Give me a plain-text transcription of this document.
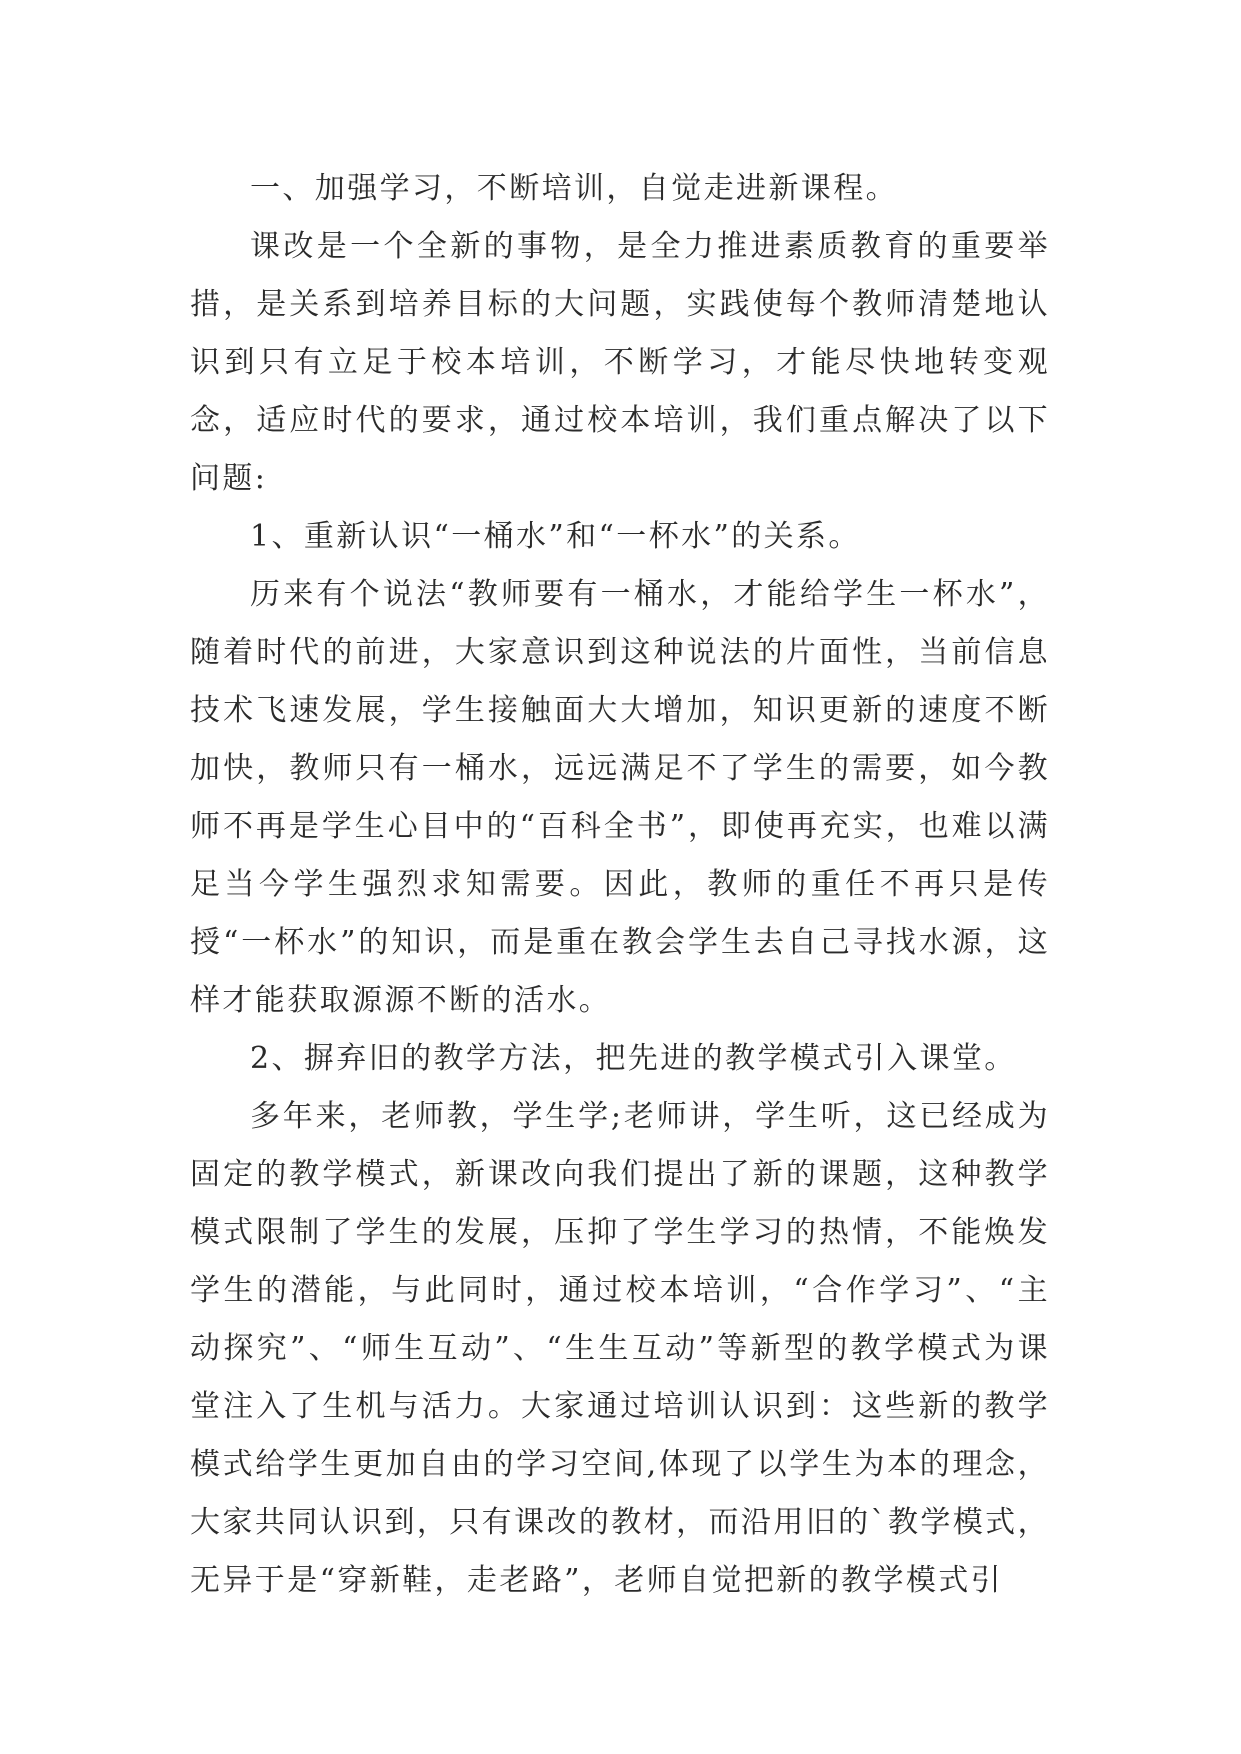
一、加强学习，不断培训，自觉走进新课程。

课改是一个全新的事物，是全力推进素质教育的重要举措，是关系到培养目标的大问题，实践使每个教师清楚地认识到只有立足于校本培训，不断学习，才能尽快地转变观念，适应时代的要求，通过校本培训，我们重点解决了以下问题:

1、重新认识“一桶水”和“一杯水”的关系。

历来有个说法“教师要有一桶水，才能给学生一杯水”，随着时代的前进，大家意识到这种说法的片面性，当前信息技术飞速发展，学生接触面大大增加，知识更新的速度不断加快，教师只有一桶水，远远满足不了学生的需要，如今教师不再是学生心目中的“百科全书”，即使再充实，也难以满足当今学生强烈求知需要。因此，教师的重任不再只是传授“一杯水”的知识，而是重在教会学生去自己寻找水源，这样才能获取源源不断的活水。

2、摒弃旧的教学方法，把先进的教学模式引入课堂。

多年来，老师教，学生学;老师讲，学生听，这已经成为固定的教学模式，新课改向我们提出了新的课题，这种教学模式限制了学生的发展，压抑了学生学习的热情，不能焕发学生的潜能，与此同时，通过校本培训，“合作学习”、“主动探究”、“师生互动”、“生生互动”等新型的教学模式为课堂注入了生机与活力。大家通过培训认识到：这些新的教学模式给学生更加自由的学习空间,体现了以学生为本的理念，大家共同认识到，只有课改的教材，而沿用旧的`教学模式，无异于是“穿新鞋，走老路”，老师自觉把新的教学模式引
